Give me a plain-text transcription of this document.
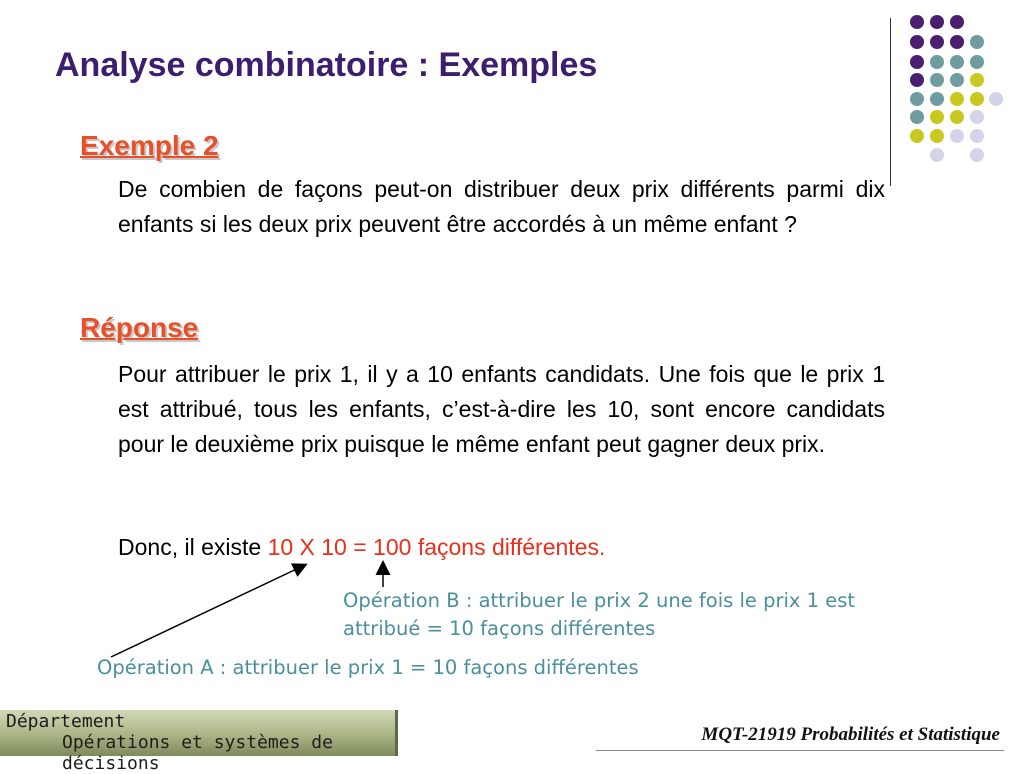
Analyse combinatoire : Exemples
Exemple 2

De combien de façons peut-on distribuer deux prix différents parmi dix enfants si les deux prix peuvent être accordés à un même enfant ?

Réponse

Pour attribuer le prix 1, il y a 10 enfants candidats. Une fois que le prix 1 est attribué, tous les enfants, c’est-à-dire les 10, sont encore candidats pour le deuxième prix puisque le même enfant peut gagner deux prix.

Donc, il existe 10 X 10 = 100 façons différentes.

Opération B : attribuer le prix 2 une fois le prix 1 est

attribué = 10 façons différentes

Opération A : attribuer le prix 1 = 10 façons différentes

Département
Opérations et systèmes de décisions
MQT-21919 Probabilités et Statistique
